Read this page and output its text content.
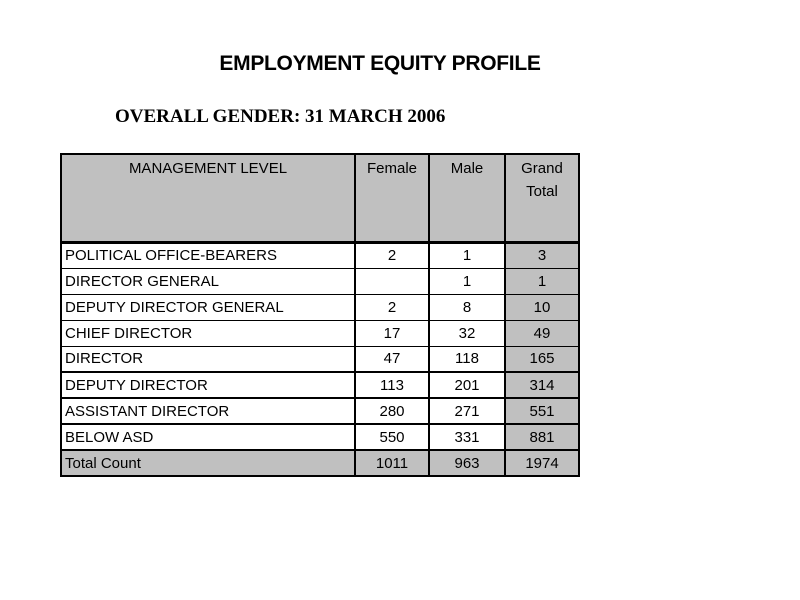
EMPLOYMENT EQUITY PROFILE
OVERALL GENDER: 31 MARCH 2006
MANAGEMENT LEVEL	Female	Male	Grand
Total
POLITICAL OFFICE-BEARERS	2	1	3
DIRECTOR GENERAL		1	1
DEPUTY DIRECTOR GENERAL	2	8	10
CHIEF DIRECTOR	17	32	49
DIRECTOR	47	118	165
DEPUTY DIRECTOR	113	201	314
ASSISTANT DIRECTOR	280	271	551
BELOW ASD	550	331	881
Total Count	1011	963	1974
